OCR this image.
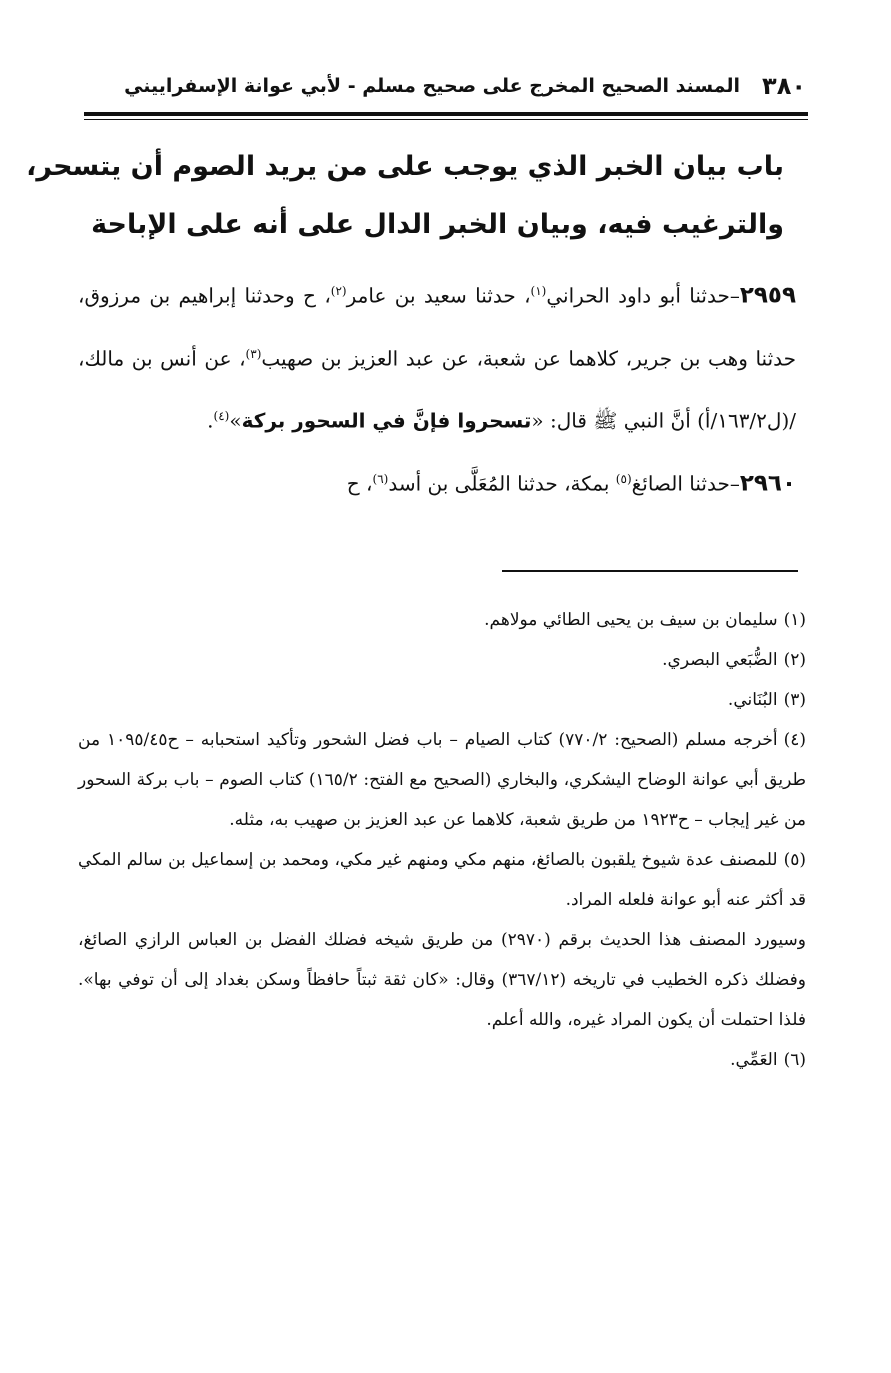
٣٨٠
المسند الصحيح المخرج على صحيح مسلم - لأبي عوانة الإسفراييني
باب بيان الخبر الذي يوجب على من يريد الصوم أن يتسحر،
والترغيب فيه، وبيان الخبر الدال على أنه على الإباحة

٢٩٥٩–حدثنا أبو داود الحراني$^{(١)}$، حدثنا سعيد بن عامر$^{(٢)}$، ح وحدثنا إبراهيم بن مرزوق، حدثنا وهب بن جرير، كلاهما عن شعبة، عن عبد العزيز بن صهيب$^{(٣)}$، عن أنس بن مالك، /(ل١٦٣/٢/أ) أنَّ النبي ﷺ قال: «تسحروا فإنَّ في السحور بركة»$^{(٤)}$.

٢٩٦٠–حدثنا الصائغ$^{(٥)}$ بمكة، حدثنا المُعَلَّى بن أسد$^{(٦)}$، ح

(١)سليمان بن سيف بن يحيى الطائي مولاهم.

(٢)الضُّبَعي البصري.

(٣)البُنَاني.

(٤)أخرجه مسلم (الصحيح: ٧٧٠/٢) كتاب الصيام – باب فضل الشحور وتأكيد استحبابه – ح١٠٩٥/٤٥ من طريق أبي عوانة الوضاح اليشكري، والبخاري (الصحيح مع الفتح: ١٦٥/٢) كتاب الصوم – باب بركة السحور من غير إيجاب – ح١٩٢٣ من طريق شعبة، كلاهما عن عبد العزيز بن صهيب به، مثله.

(٥)للمصنف عدة شيوخ يلقبون بالصائغ، منهم مكي ومنهم غير مكي، ومحمد بن إسماعيل بن سالم المكي قد أكثر عنه أبو عوانة فلعله المراد.

وسيورد المصنف هذا الحديث برقم (٢٩٧٠) من طريق شيخه فضلك الفضل بن العباس الرازي الصائغ، وفضلك ذكره الخطيب في تاريخه (٣٦٧/١٢) وقال: «كان ثقة ثبتاً حافظاً وسكن بغداد إلى أن توفي بها». فلذا احتملت أن يكون المراد غيره، والله أعلم.

(٦)العَمِّي.
